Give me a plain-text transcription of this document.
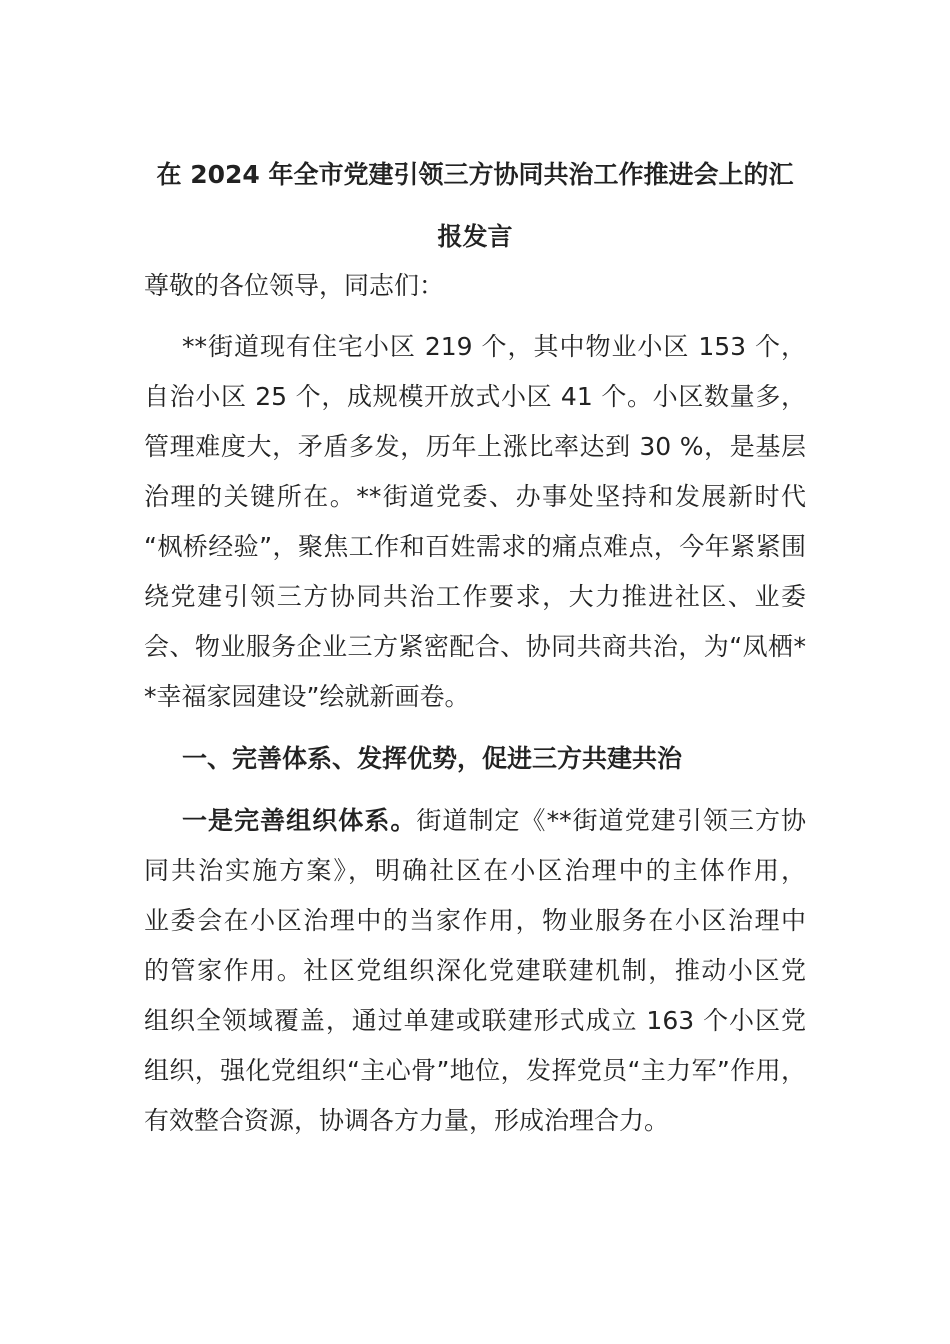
在 2024 年全市党建引领三方协同共治工作推进会上的汇
报发言

尊敬的各位领导，同志们：

**街道现有住宅小区 219 个，其中物业小区 153 个，

自治小区 25 个，成规模开放式小区 41 个。小区数量多，

管理难度大，矛盾多发，历年上涨比率达到 30 %，是基层

治理的关键所在。**街道党委、办事处坚持和发展新时代

“枫桥经验”，聚焦工作和百姓需求的痛点难点，今年紧紧围

绕党建引领三方协同共治工作要求，大力推进社区、业委

会、物业服务企业三方紧密配合、协同共商共治，为“凤栖*

*幸福家园建设”绘就新画卷。

一、完善体系、发挥优势，促进三方共建共治

一是完善组织体系。街道制定《**街道党建引领三方协

同共治实施方案》，明确社区在小区治理中的主体作用，

业委会在小区治理中的当家作用，物业服务在小区治理中

的管家作用。社区党组织深化党建联建机制，推动小区党

组织全领域覆盖，通过单建或联建形式成立 163 个小区党

组织，强化党组织“主心骨”地位，发挥党员“主力军”作用，

有效整合资源，协调各方力量，形成治理合力。
